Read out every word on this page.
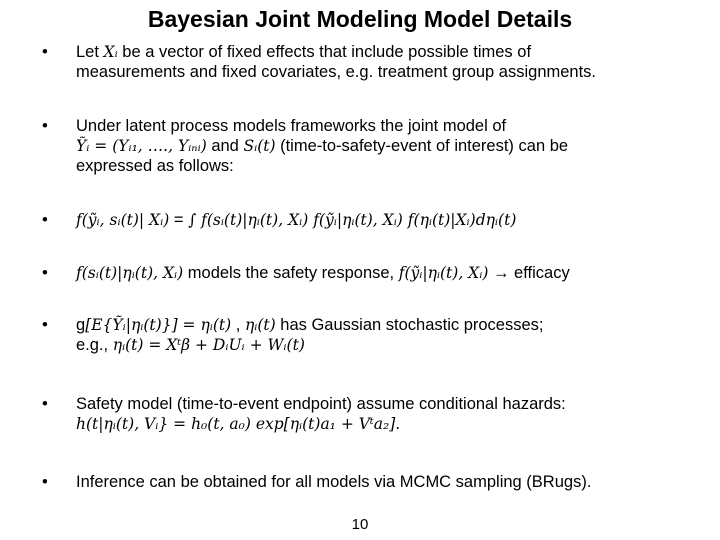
Bayesian Joint Modeling Model Details
•	Let Xᵢ be a vector of fixed effects that include possible times of
measurements and fixed covariates, e.g. treatment group assignments.
•	Under latent process models frameworks the joint model of
Ỹᵢ = (Yᵢ₁, …., Yᵢₙᵢ) and Sᵢ(t) (time-to-safety-event of interest) can be
expressed as follows:
•	f(ỹᵢ, sᵢ(t)| Xᵢ) = ∫ f(sᵢ(t)|ηᵢ(t), Xᵢ) f(ỹᵢ|ηᵢ(t), Xᵢ) f(ηᵢ(t)|Xᵢ)dηᵢ(t)
•	f(sᵢ(t)|ηᵢ(t), Xᵢ) models the safety response, f(ỹᵢ|ηᵢ(t), Xᵢ) → efficacy
•	g[E{Ỹᵢ|ηᵢ(t)}] = ηᵢ(t) , ηᵢ(t) has Gaussian stochastic processes;
e.g., ηᵢ(t) = Xᵗβ + DᵢUᵢ + Wᵢ(t)
•	Safety model (time-to-event endpoint) assume conditional hazards:
h(t|ηᵢ(t), Vᵢ} = h₀(t, a₀) exp[ηᵢ(t)a₁ + Vᵗa₂].
•	Inference can be obtained for all models via MCMC sampling (BRugs).
10
